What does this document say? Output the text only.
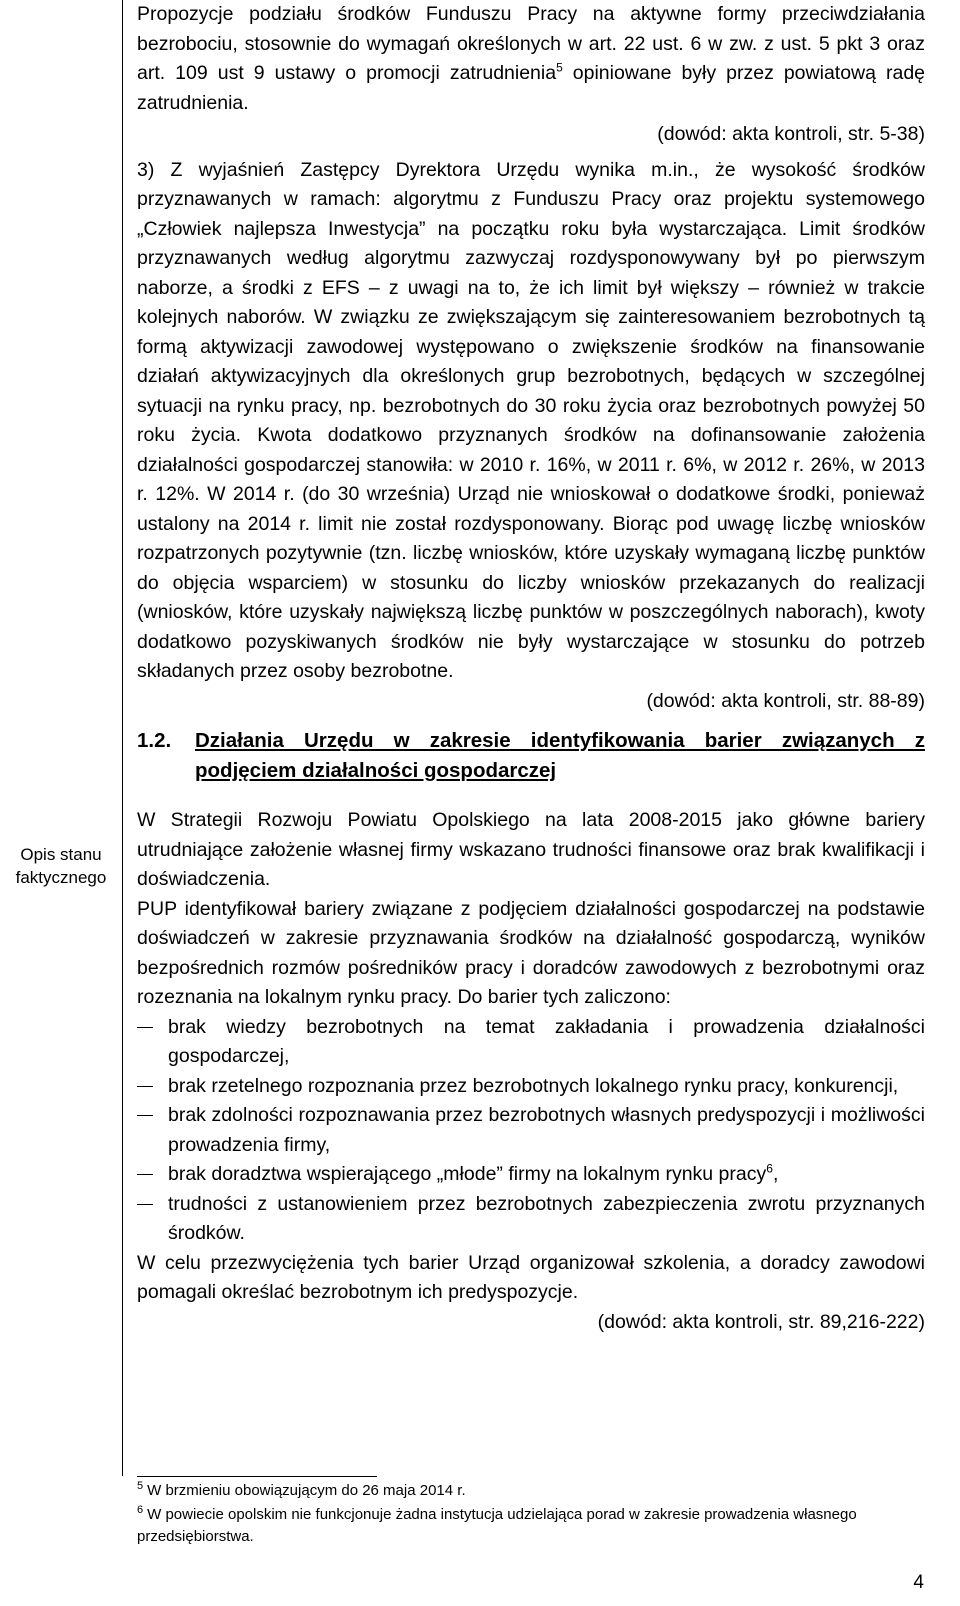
Opis stanu faktycznego

Propozycje podziału środków Funduszu Pracy na aktywne formy przeciwdziałania bezrobociu, stosownie do wymagań określonych w art. 22 ust. 6 w zw. z ust. 5 pkt 3 oraz art. 109 ust 9 ustawy o promocji zatrudnienia$^5$ opiniowane były przez powiatową radę zatrudnienia.

(dowód: akta kontroli, str. 5-38)

3) Z wyjaśnień Zastępcy Dyrektora Urzędu wynika m.in., że wysokość środków przyznawanych w ramach: algorytmu z Funduszu Pracy oraz projektu systemowego „Człowiek najlepsza Inwestycja” na początku roku była wystarczająca. Limit środków przyznawanych według algorytmu zazwyczaj rozdysponowywany był po pierwszym naborze, a środki z EFS – z uwagi na to, że ich limit był większy – również w trakcie kolejnych naborów. W związku ze zwiększającym się zainteresowaniem bezrobotnych tą formą aktywizacji zawodowej występowano o zwiększenie środków na finansowanie działań aktywizacyjnych dla określonych grup bezrobotnych, będących w szczególnej sytuacji na rynku pracy, np. bezrobotnych do 30 roku życia oraz bezrobotnych powyżej 50 roku życia. Kwota dodatkowo przyznanych środków na dofinansowanie założenia działalności gospodarczej stanowiła: w 2010 r. 16%, w 2011 r. 6%, w 2012 r. 26%, w 2013 r. 12%. W 2014 r. (do 30 września) Urząd nie wnioskował o dodatkowe środki, ponieważ ustalony na 2014 r. limit nie został rozdysponowany. Biorąc pod uwagę liczbę wniosków rozpatrzonych pozytywnie (tzn. liczbę wniosków, które uzyskały wymaganą liczbę punktów do objęcia wsparciem) w stosunku do liczby wniosków przekazanych do realizacji (wniosków, które uzyskały największą liczbę punktów w poszczególnych naborach), kwoty dodatkowo pozyskiwanych środków nie były wystarczające w stosunku do potrzeb składanych przez osoby bezrobotne.

(dowód: akta kontroli, str. 88-89)

1.2.	Działania Urzędu w zakresie identyfikowania barier związanych z podjęciem działalności gospodarczej

W Strategii Rozwoju Powiatu Opolskiego na lata 2008-2015 jako główne bariery utrudniające założenie własnej firmy wskazano trudności finansowe oraz brak kwalifikacji i doświadczenia.

PUP identyfikował bariery związane z podjęciem działalności gospodarczej na podstawie doświadczeń w zakresie przyznawania środków na działalność gospodarczą, wyników bezpośrednich rozmów pośredników pracy i doradców zawodowych z bezrobotnymi oraz rozeznania na lokalnym rynku pracy. Do barier tych zaliczono:

brak wiedzy bezrobotnych na temat zakładania i prowadzenia działalności gospodarczej,
brak rzetelnego rozpoznania przez bezrobotnych lokalnego rynku pracy, konkurencji,
brak zdolności rozpoznawania przez bezrobotnych własnych predyspozycji i możliwości prowadzenia firmy,
brak doradztwa wspierającego „młode” firmy na lokalnym rynku pracy$^6$,
trudności z ustanowieniem przez bezrobotnych zabezpieczenia zwrotu przyznanych środków.

W celu przezwyciężenia tych barier Urząd organizował szkolenia, a doradcy zawodowi pomagali określać bezrobotnym ich predyspozycje.

(dowód: akta kontroli, str. 89,216-222)

$^5$ W brzmieniu obowiązującym do 26 maja 2014 r.

$^6$ W powiecie opolskim nie funkcjonuje żadna instytucja udzielająca porad w zakresie prowadzenia własnego przedsiębiorstwa.

4
